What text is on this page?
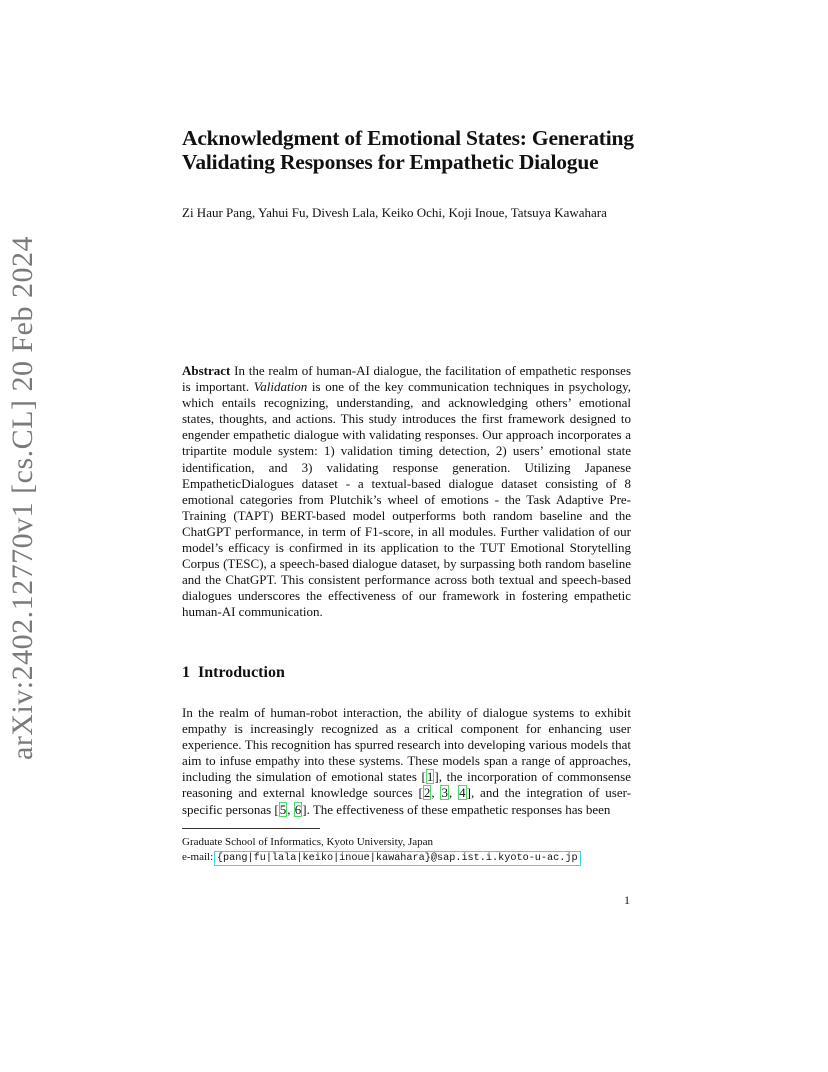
arXiv:2402.12770v1 [cs.CL] 20 Feb 2024
Acknowledgment of Emotional States: Generating Validating Responses for Empathetic Dialogue
Zi Haur Pang, Yahui Fu, Divesh Lala, Keiko Ochi, Koji Inoue, Tatsuya Kawahara
Abstract In the realm of human-AI dialogue, the facilitation of empathetic responses is important. Validation is one of the key communication techniques in psychology, which entails recognizing, understanding, and acknowledging others’ emotional states, thoughts, and actions. This study introduces the first framework designed to engender empathetic dialogue with validating responses. Our approach incorporates a tripartite module system: 1) validation timing detection, 2) users’ emotional state identification, and 3) validating response generation. Utilizing Japanese EmpatheticDialogues dataset - a textual-based dialogue dataset consisting of 8 emotional categories from Plutchik’s wheel of emotions - the Task Adaptive Pre-Training (TAPT) BERT-based model outperforms both random baseline and the ChatGPT performance, in term of F1-score, in all modules. Further validation of our model’s efficacy is confirmed in its application to the TUT Emotional Storytelling Corpus (TESC), a speech-based dialogue dataset, by surpassing both random baseline and the ChatGPT. This consistent performance across both textual and speech-based dialogues underscores the effectiveness of our framework in fostering empathetic human-AI communication.
1 Introduction

In the realm of human-robot interaction, the ability of dialogue systems to exhibit empathy is increasingly recognized as a critical component for enhancing user experience. This recognition has spurred research into developing various models that aim to infuse empathy into these systems. These models span a range of approaches, including the simulation of emotional states [1], the incorporation of commonsense reasoning and external knowledge sources [2, 3, 4], and the integration of user-specific personas [5, 6]. The effectiveness of these empathetic responses has been

Graduate School of Informatics, Kyoto University, Japan
e-mail: {pang|fu|lala|keiko|inoue|kawahara}@sap.ist.i.kyoto-u-ac.jp
1
